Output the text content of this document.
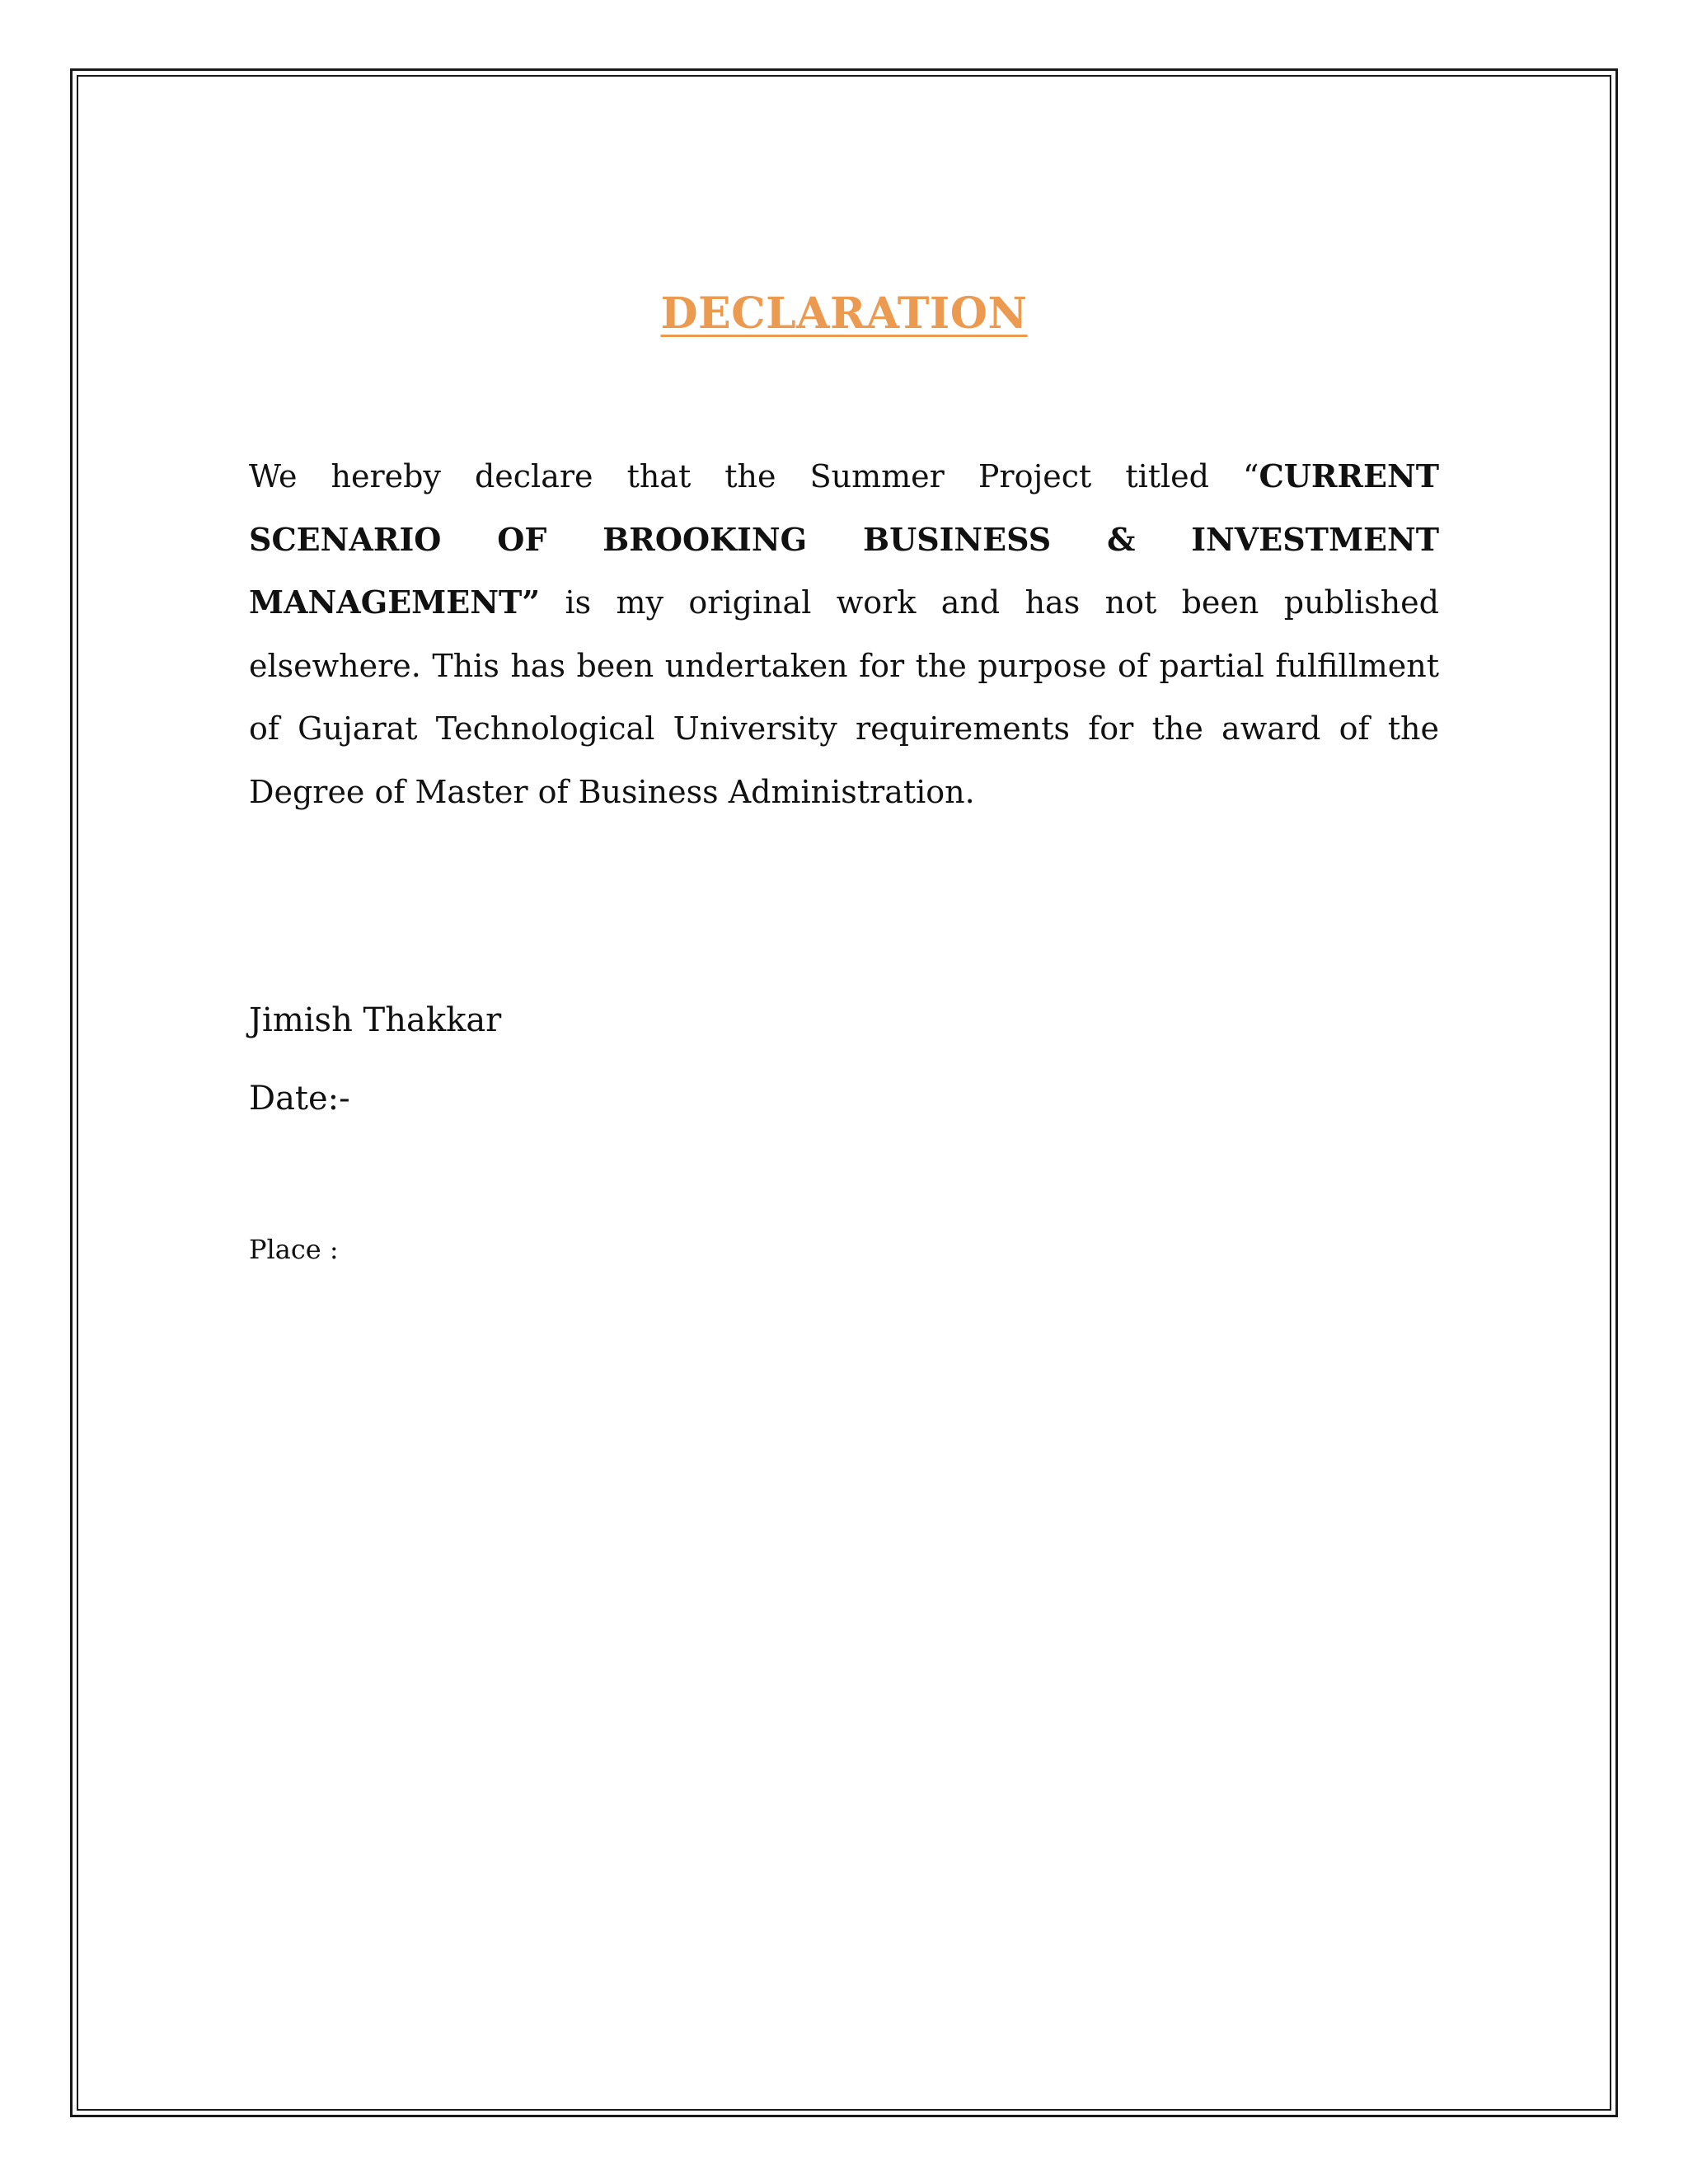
DECLARATION

We hereby declare that the Summer Project titled “CURRENT SCENARIO OF BROOKING BUSINESS & INVESTMENT MANAGEMENT” is my original work and has not been published elsewhere. This has been undertaken for the purpose of partial fulfillment of Gujarat Technological University requirements for the award of the Degree of Master of Business Administration.

Jimish Thakkar
Date:-
Place :
